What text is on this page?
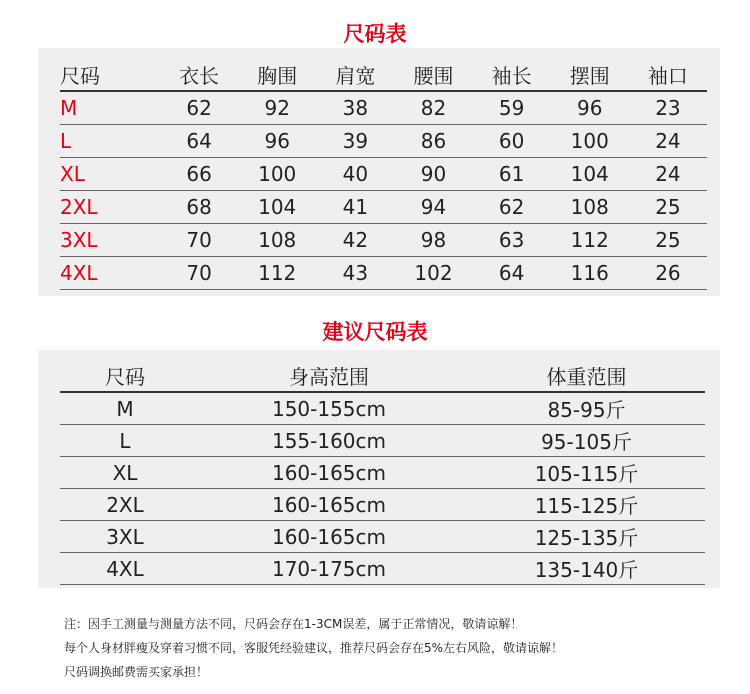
尺码表
尺码	衣长	胸围	肩宽	腰围	袖长	摆围	袖口
M	62	92	38	82	59	96	23
L	64	96	39	86	60	100	24
XL	66	100	40	90	61	104	24
2XL	68	104	41	94	62	108	25
3XL	70	108	42	98	63	112	25
4XL	70	112	43	102	64	116	26
建议尺码表
尺码	身高范围	体重范围
M	150-155cm	85-95斤
L	155-160cm	95-105斤
XL	160-165cm	105-115斤
2XL	160-165cm	115-125斤
3XL	160-165cm	125-135斤
4XL	170-175cm	135-140斤
注：因手工测量与测量方法不同，尺码会存在1-3CM误差，属于正常情况，敬请谅解！
每个人身材胖瘦及穿着习惯不同，客服凭经验建议，推荐尺码会存在5%左右风险，敬请谅解！
尺码调换邮费需买家承担！
